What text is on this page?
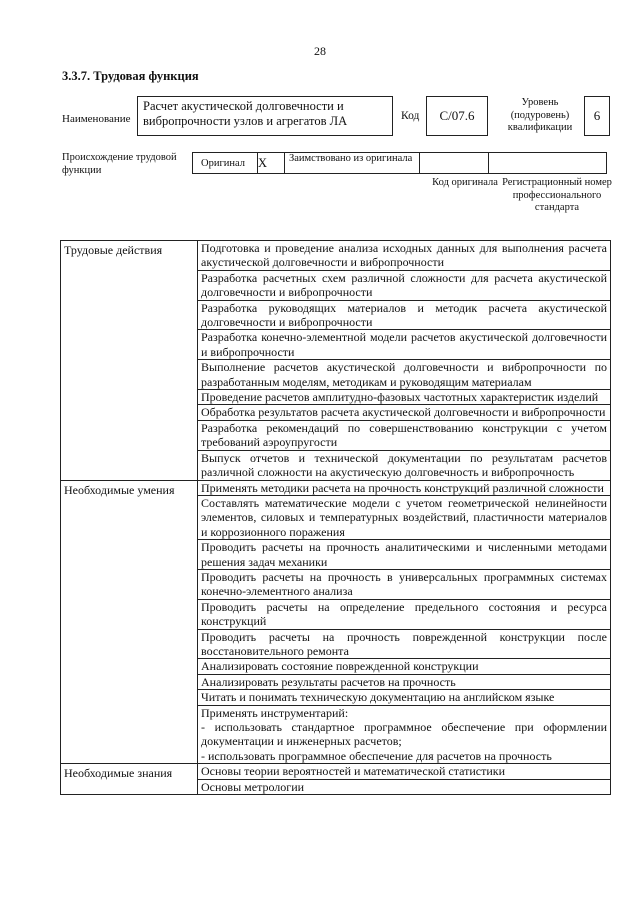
28
3.3.7. Трудовая функция
Наименование
Расчет акустической долговечности и вибропрочности узлов и агрегатов ЛА	Код	C/07.6
Уровень (подуровень) квалификации
6
Происхождение трудовой функции
Оригинал	X	Заимствовано из оригинала
Код оригинала Регистрационный номер профессионального стандарта
Трудовые действия	Подготовка и проведение анализа исходных данных для выполнения расчета акустической долговечности и вибропрочности
	Разработка расчетных схем различной сложности для расчета акустической долговечности и вибропрочности
	Разработка руководящих материалов и методик расчета акустической долговечности и вибропрочности
	Разработка конечно-элементной модели расчетов акустической долговечности и вибропрочности
	Выполнение расчетов акустической долговечности и вибропрочности по разработанным моделям, методикам и руководящим материалам
	Проведение расчетов амплитудно-фазовых частотных характеристик изделий
	Обработка результатов расчета акустической долговечности и вибропрочности
	Разработка рекомендаций по совершенствованию конструкции с учетом требований аэроупругости
	Выпуск отчетов и технической документации по результатам расчетов различной сложности на акустическую долговечность и вибропрочность
Необходимые умения	Применять методики расчета на прочность конструкций различной сложности
	Составлять математические модели с учетом геометрической нелинейности элементов, силовых и температурных воздействий, пластичности материалов и коррозионного поражения
	Проводить расчеты на прочность аналитическими и численными методами решения задач механики
	Проводить расчеты на прочность в универсальных программных системах конечно-элементного анализа
	Проводить расчеты на определение предельного состояния и ресурса конструкций
	Проводить расчеты на прочность поврежденной конструкции после восстановительного ремонта
	Анализировать состояние поврежденной конструкции
	Анализировать результаты расчетов на прочность
	Читать и понимать техническую документацию на английском языке

	Применять инструментарий:
- использовать стандартное программное обеспечение при оформлении документации и инженерных расчетов;
- использовать программное обеспечение для расчетов на прочность

Необходимые знания	Основы теории вероятностей и математической статистики
	Основы метрологии
